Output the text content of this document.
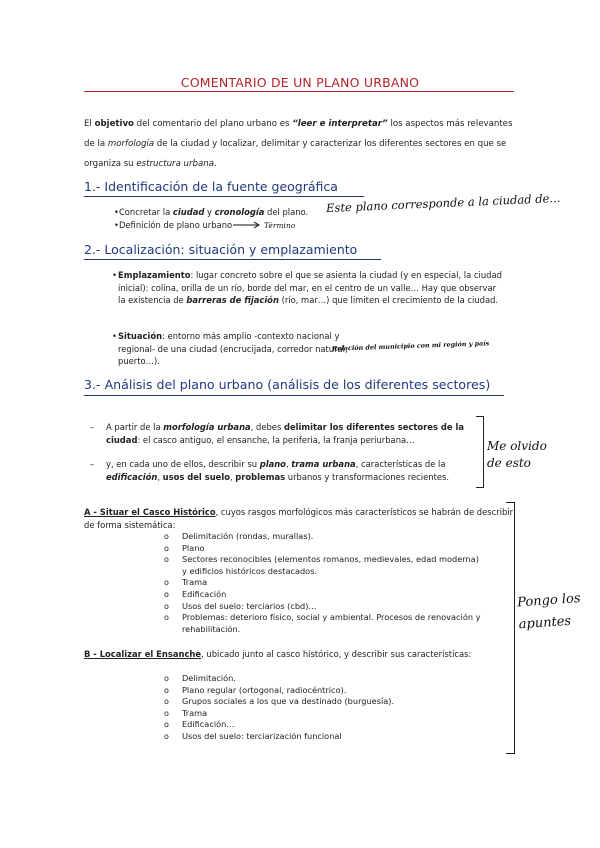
COMENTARIO DE UN PLANO URBANO
El objetivo del comentario del plano urbano es “leer e interpretar” los aspectos más relevantes de la morfología de la ciudad y localizar, delimitar y caracterizar los diferentes sectores en que se organiza su estructura urbana.
1.- Identificación de la fuente geográfica
•Concretar la ciudad y cronología del plano.
•Definición de plano urbano
Este plano corresponde a la ciudad de...
Término
2.- Localización: situación y emplazamiento
• Emplazamiento: lugar concreto sobre el que se asienta la ciudad (y en especial, la ciudad inicial): colina, orilla de un río, borde del mar, en el centro de un valle… Hay que observar la existencia de barreras de fijación (río, mar…) que limiten el crecimiento de la ciudad.
• Situación: entorno más amplio -contexto nacional y regional- de una ciudad (encrucijada, corredor natural, puerto…).
Relación del municipio con mi región y país
3.- Análisis del plano urbano (análisis de los diferentes sectores)
– A partir de la morfología urbana, debes delimitar los diferentes sectores de la ciudad: el casco antiguo, el ensanche, la periferia, la franja periurbana…
– y, en cada uno de ellos, describir su plano, trama urbana, características de la edificación, usos del suelo, problemas urbanos y transformaciones recientes.
Me olvido de esto
A - Situar el Casco Histórico, cuyos rasgos morfológicos más característicos se habrán de describir de forma sistemática:
o Delimitación (rondas, murallas).
o Plano
o Sectores reconocibles (elementos romanos, medievales, edad moderna) y edificios históricos destacados.
o Trama
o Edificación
o Usos del suelo: terciarios (cbd)…
o Problemas: deterioro físico, social y ambiental. Procesos de renovación y rehabilitación.
B - Localizar el Ensanche, ubicado junto al casco histórico, y describir sus características:
o Delimitación.
o Plano regular (ortogonal, radiocéntrico).
o Grupos sociales a los que va destinado (burguesía).
o Trama
o Edificación…
o Usos del suelo: terciarización funcional
Pongo los apuntes
